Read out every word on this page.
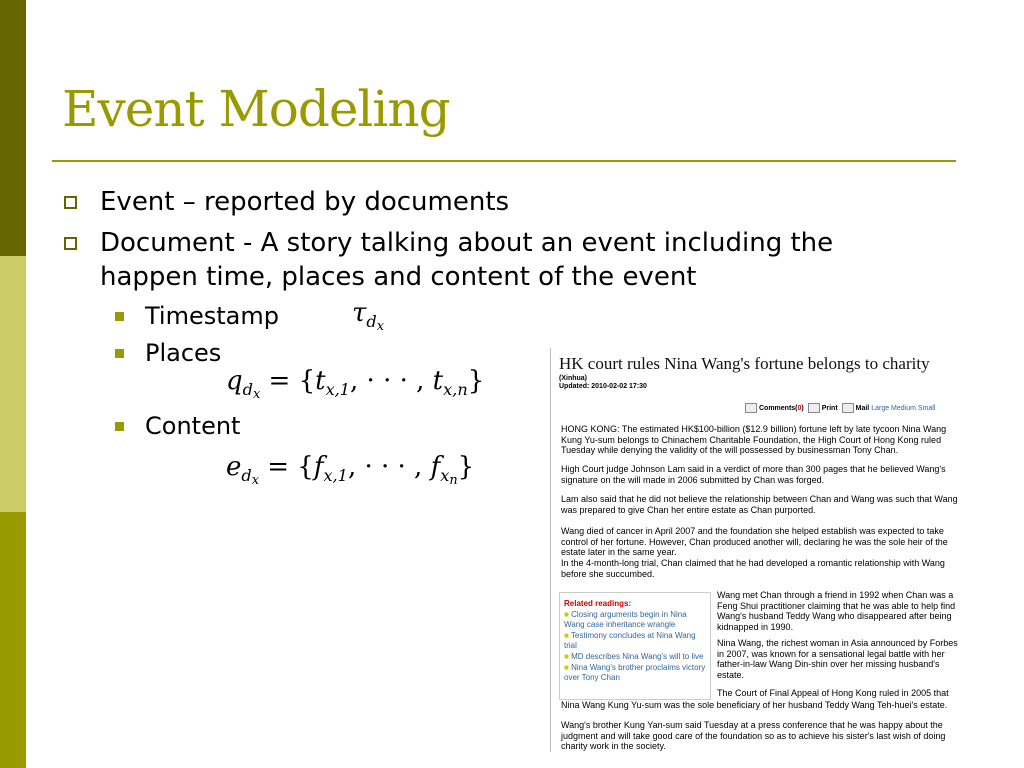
Event Modeling
Event – reported by documents
Document - A story talking about an event including the
happen time, places and content of the event
Timestamp
Places
Content
$\tau_{d_x}$
$q_{d_x} = \{t_{x,1}$, · · · , $t_{x,n}$}
$e_{d_x} = \{f_{x,1}$, · · · , $f_{x_n}$}
HK court rules Nina Wang's fortune belongs to charity
(Xinhua)
Updated: 2010-02-02 17:30
Comments(0)	Print	Mail Large Medium Small
HONG KONG: The estimated HK$100-billion ($12.9 billion) fortune left by late tycoon Nina Wang Kung Yu-sum belongs to Chinachem Charitable Foundation, the High Court of Hong Kong ruled Tuesday while denying the validity of the will possessed by businessman Tony Chan.
High Court judge Johnson Lam said in a verdict of more than 300 pages that he believed Wang's signature on the will made in 2006 submitted by Chan was forged.
Lam also said that he did not believe the relationship between Chan and Wang was such that Wang was prepared to give Chan her entire estate as Chan purported.
Wang died of cancer in April 2007 and the foundation she helped establish was expected to take control of her fortune. However, Chan produced another will, declaring he was the sole heir of the estate later in the same year.
In the 4-month-long trial, Chan claimed that he had developed a romantic relationship with Wang before she succumbed.
Related readings:
■ Closing arguments begin in Nina Wang case inheritance wrangle
■ Testimony concludes at Nina Wang trial
■ MD describes Nina Wang's will to live
■ Nina Wang's brother proclaims victory over Tony Chan
Wang met Chan through a friend in 1992 when Chan was a Feng Shui practitioner claiming that he was able to help find Wang's husband Teddy Wang who disappeared after being kidnapped in 1990.
Nina Wang, the richest woman in Asia announced by Forbes in 2007, was known for a sensational legal battle with her father-in-law Wang Din-shin over her missing husband's estate.
The Court of Final Appeal of Hong Kong ruled in 2005 that
Nina Wang Kung Yu-sum was the sole beneficiary of her husband Teddy Wang Teh-huei's estate.
Wang's brother Kung Yan-sum said Tuesday at a press conference that he was happy about the judgment and will take good care of the foundation so as to achieve his sister's last wish of doing charity work in the society.
